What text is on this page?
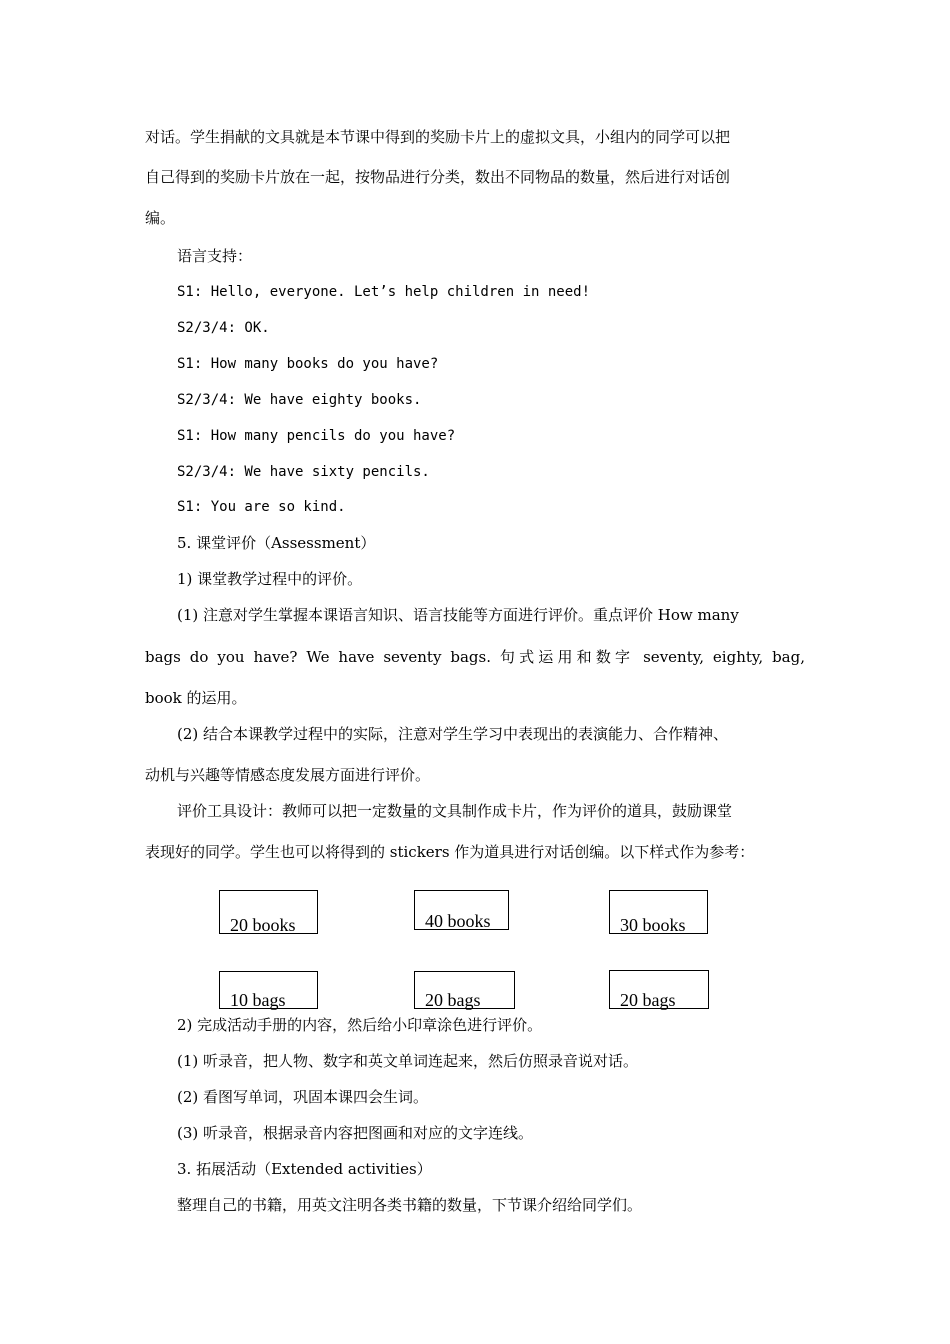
对话。学生捐献的文具就是本节课中得到的奖励卡片上的虚拟文具，小组内的同学可以把
自己得到的奖励卡片放在一起，按物品进行分类，数出不同物品的数量，然后进行对话创
编。
语言支持：
S1: Hello, everyone. Let’s help children in need!
S2/3/4: OK.
S1: How many books do you have?
S2/3/4: We have eighty books.
S1: How many pencils do you have?
S2/3/4: We have sixty pencils.
S1: You are so kind.
5. 课堂评价（Assessment）
1) 课堂教学过程中的评价。
(1) 注意对学生掌握本课语言知识、语言技能等方面进行评价。重点评价 How many
bags do you have? We have seventy bags. 句式运用和数字 seventy, eighty, bag,
book 的运用。
(2) 结合本课教学过程中的实际，注意对学生学习中表现出的表演能力、合作精神、
动机与兴趣等情感态度发展方面进行评价。
评价工具设计：教师可以把一定数量的文具制作成卡片，作为评价的道具，鼓励课堂
表现好的同学。学生也可以将得到的 stickers 作为道具进行对话创编。以下样式作为参考：
20 books	40 books	30 books
10 bags	20 bags	20 bags
2) 完成活动手册的内容，然后给小印章涂色进行评价。
(1) 听录音，把人物、数字和英文单词连起来，然后仿照录音说对话。
(2) 看图写单词，巩固本课四会生词。
(3) 听录音，根据录音内容把图画和对应的文字连线。
3. 拓展活动（Extended activities）
整理自己的书籍，用英文注明各类书籍的数量，下节课介绍给同学们。
